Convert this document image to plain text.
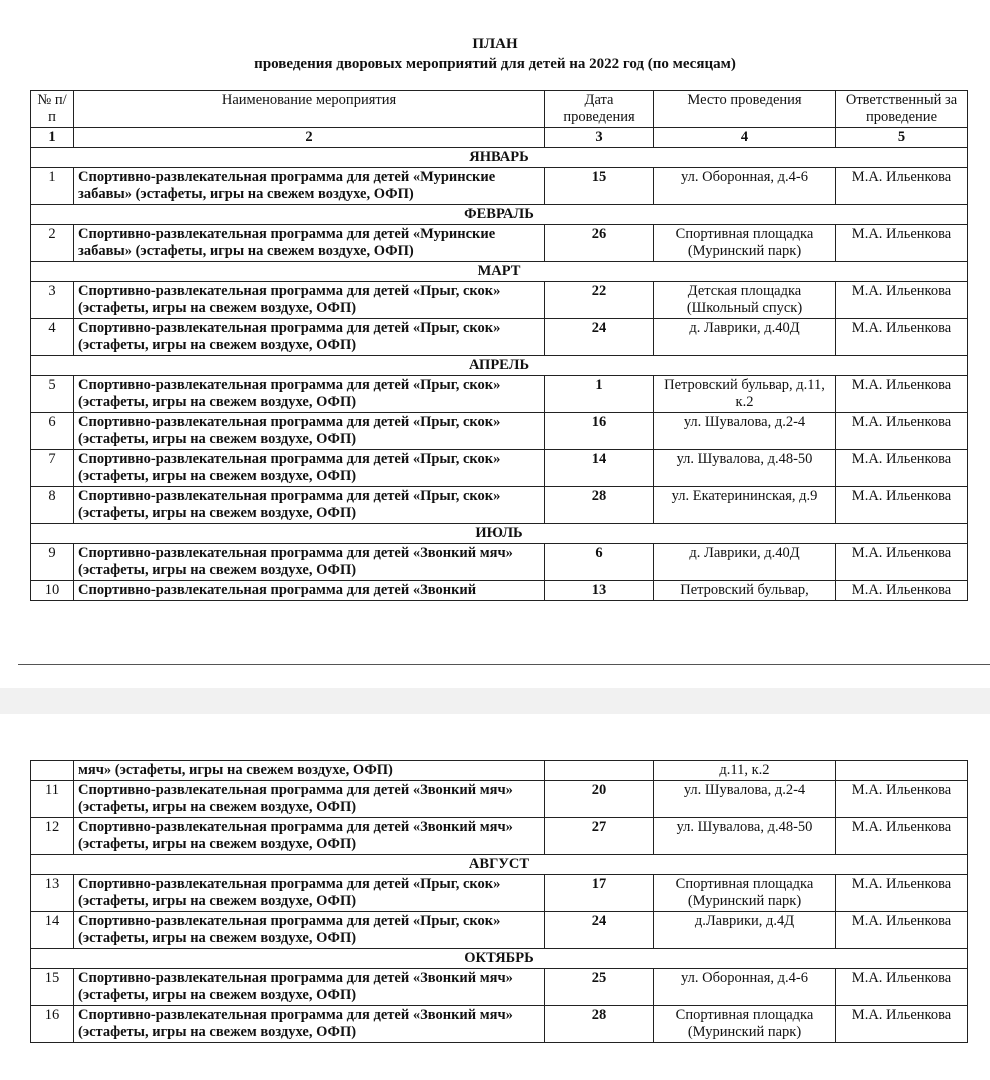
ПЛАН
проведения дворовых мероприятий для детей на 2022 год (по месяцам)
№ п/п	Наименование мероприятия	Дата проведения	Место проведения	Ответственный за проведение
1	2	3	4	5
ЯНВАРЬ				
1	Спортивно-развлекательная программа для детей «Муринские забавы» (эстафеты, игры на свежем воздухе, ОФП)	15	ул. Оборонная, д.4-6	М.А. Ильенкова
ФЕВРАЛЬ				
2	Спортивно-развлекательная программа для детей «Муринские забавы» (эстафеты, игры на свежем воздухе, ОФП)	26	Спортивная площадка (Муринский парк)	М.А. Ильенкова
МАРТ				
3	Спортивно-развлекательная программа для детей «Прыг, скок» (эстафеты, игры на свежем воздухе, ОФП)	22	Детская площадка (Школьный спуск)	М.А. Ильенкова
4	Спортивно-развлекательная программа для детей «Прыг, скок» (эстафеты, игры на свежем воздухе, ОФП)	24	д. Лаврики, д.40Д	М.А. Ильенкова
АПРЕЛЬ				
5	Спортивно-развлекательная программа для детей «Прыг, скок» (эстафеты, игры на свежем воздухе, ОФП)	1	Петровский бульвар, д.11, к.2	М.А. Ильенкова
6	Спортивно-развлекательная программа для детей «Прыг, скок» (эстафеты, игры на свежем воздухе, ОФП)	16	ул. Шувалова, д.2-4	М.А. Ильенкова
7	Спортивно-развлекательная программа для детей «Прыг, скок» (эстафеты, игры на свежем воздухе, ОФП)	14	ул. Шувалова, д.48-50	М.А. Ильенкова
8	Спортивно-развлекательная программа для детей «Прыг, скок» (эстафеты, игры на свежем воздухе, ОФП)	28	ул. Екатерининская, д.9	М.А. Ильенкова
ИЮЛЬ				
9	Спортивно-развлекательная программа для детей «Звонкий мяч» (эстафеты, игры на свежем воздухе, ОФП)	6	д. Лаврики, д.40Д	М.А. Ильенкова
10	Спортивно-развлекательная программа для детей «Звонкий	13	Петровский бульвар,	М.А. Ильенкова
	мяч» (эстафеты, игры на свежем воздухе, ОФП)		д.11, к.2	
11	Спортивно-развлекательная программа для детей «Звонкий мяч» (эстафеты, игры на свежем воздухе, ОФП)	20	ул. Шувалова, д.2-4	М.А. Ильенкова
12	Спортивно-развлекательная программа для детей «Звонкий мяч» (эстафеты, игры на свежем воздухе, ОФП)	27	ул. Шувалова, д.48-50	М.А. Ильенкова
АВГУСТ				
13	Спортивно-развлекательная программа для детей «Прыг, скок» (эстафеты, игры на свежем воздухе, ОФП)	17	Спортивная площадка (Муринский парк)	М.А. Ильенкова
14	Спортивно-развлекательная программа для детей «Прыг, скок» (эстафеты, игры на свежем воздухе, ОФП)	24	д.Лаврики, д.4Д	М.А. Ильенкова
ОКТЯБРЬ				
15	Спортивно-развлекательная программа для детей «Звонкий мяч» (эстафеты, игры на свежем воздухе, ОФП)	25	ул. Оборонная, д.4-6	М.А. Ильенкова
16	Спортивно-развлекательная программа для детей «Звонкий мяч» (эстафеты, игры на свежем воздухе, ОФП)	28	Спортивная площадка (Муринский парк)	М.А. Ильенкова
